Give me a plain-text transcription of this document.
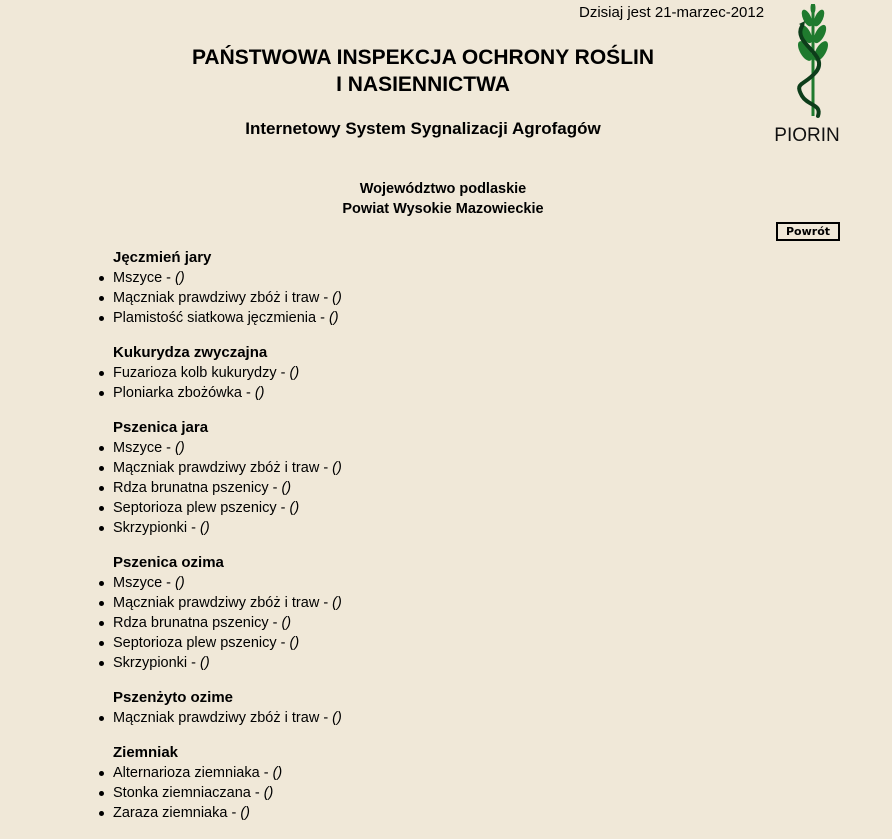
Dzisiaj jest 21-marzec-2012
PAŃSTWOWA INSPEKCJA OCHRONY ROŚLIN
I NASIENNICTWA
Internetowy System Sygnalizacji Agrofagów	PIORIN
Województwo podlaskie
Powiat Wysokie Mazowieckie
Powrót
Jęczmień jary
Mszyce - ()
Mączniak prawdziwy zbóż i traw - ()
Plamistość siatkowa jęczmienia - ()
Kukurydza zwyczajna
Fuzarioza kolb kukurydzy - ()
Ploniarka zbożówka - ()
Pszenica jara
Mszyce - ()
Mączniak prawdziwy zbóż i traw - ()
Rdza brunatna pszenicy - ()
Septorioza plew pszenicy - ()
Skrzypionki - ()
Pszenica ozima
Mszyce - ()
Mączniak prawdziwy zbóż i traw - ()
Rdza brunatna pszenicy - ()
Septorioza plew pszenicy - ()
Skrzypionki - ()
Pszenżyto ozime
Mączniak prawdziwy zbóż i traw - ()
Ziemniak
Alternarioza ziemniaka - ()
Stonka ziemniaczana - ()
Zaraza ziemniaka - ()
